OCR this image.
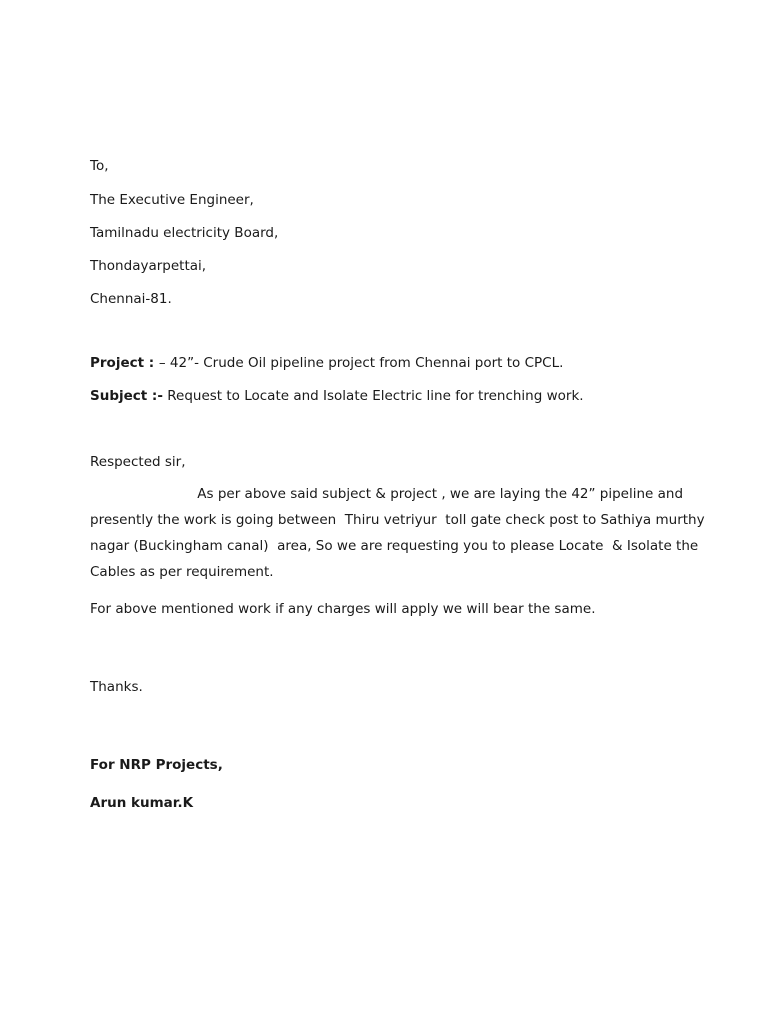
To,
The Executive Engineer,
Tamilnadu electricity Board,
Thondayarpettai,
Chennai-81.
Project : – 42”- Crude Oil pipeline project from Chennai port to CPCL.
Subject :- Request to Locate and Isolate Electric line for trenching work.
Respected sir,
As per above said subject & project , we are laying the 42” pipeline and
presently the work is going between  Thiru vetriyur  toll gate check post to Sathiya murthy
nagar (Buckingham canal)  area, So we are requesting you to please Locate  & Isolate the
Cables as per requirement.
For above mentioned work if any charges will apply we will bear the same.
Thanks.
For NRP Projects,
Arun kumar.K
